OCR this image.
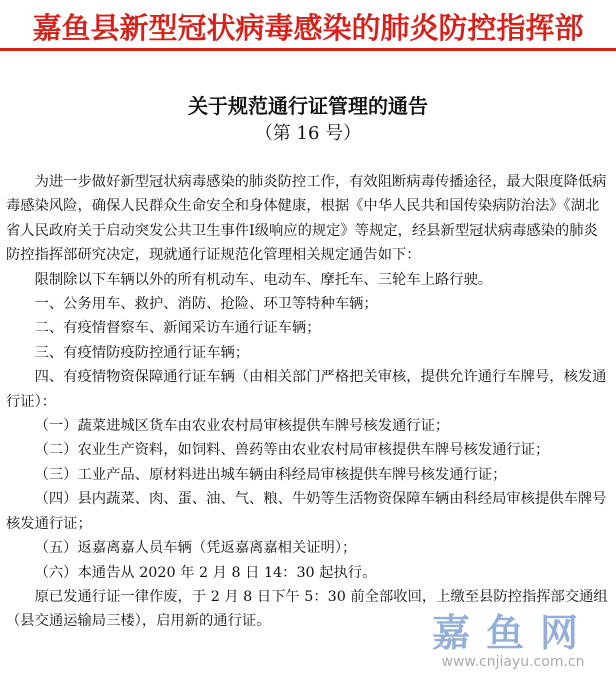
嘉鱼县新型冠状病毒感染的肺炎防控指挥部
关于规范通行证管理的通告
（第 16 号）

为进一步做好新型冠状病毒感染的肺炎防控工作，有效阻断病毒传播途径，最大限度降低病毒感染风险，确保人民群众生命安全和身体健康，根据《中华人民共和国传染病防治法》《湖北省人民政府关于启动突发公共卫生事件Ⅰ级响应的规定》等规定，经县新型冠状病毒感染的肺炎防控指挥部研究决定，现就通行证规范化管理相关规定通告如下：

限制除以下车辆以外的所有机动车、电动车、摩托车、三轮车上路行驶。

一、公务用车、救护、消防、抢险、环卫等特种车辆；

二、有疫情督察车、新闻采访车通行证车辆；

三、有疫情防疫防控通行证车辆；

四、有疫情物资保障通行证车辆（由相关部门严格把关审核，提供允许通行车牌号，核发通行证）：

（一）蔬菜进城区货车由农业农村局审核提供车牌号核发通行证；

（二）农业生产资料，如饲料、兽药等由农业农村局审核提供车牌号核发通行证；

（三）工业产品、原材料进出城车辆由科经局审核提供车牌号核发通行证；

（四）县内蔬菜、肉、蛋、油、气、粮、牛奶等生活物资保障车辆由科经局审核提供车牌号核发通行证；

（五）返嘉离嘉人员车辆（凭返嘉离嘉相关证明）；

（六）本通告从 2020 年 2 月 8 日 14：30 起执行。

原已发通行证一律作废，于 2 月 8 日下午 5：30 前全部收回，上缴至县防控指挥部交通组（县交通运输局三楼），启用新的通行证。	嘉鱼网
www.cnjiayu.com.cn
